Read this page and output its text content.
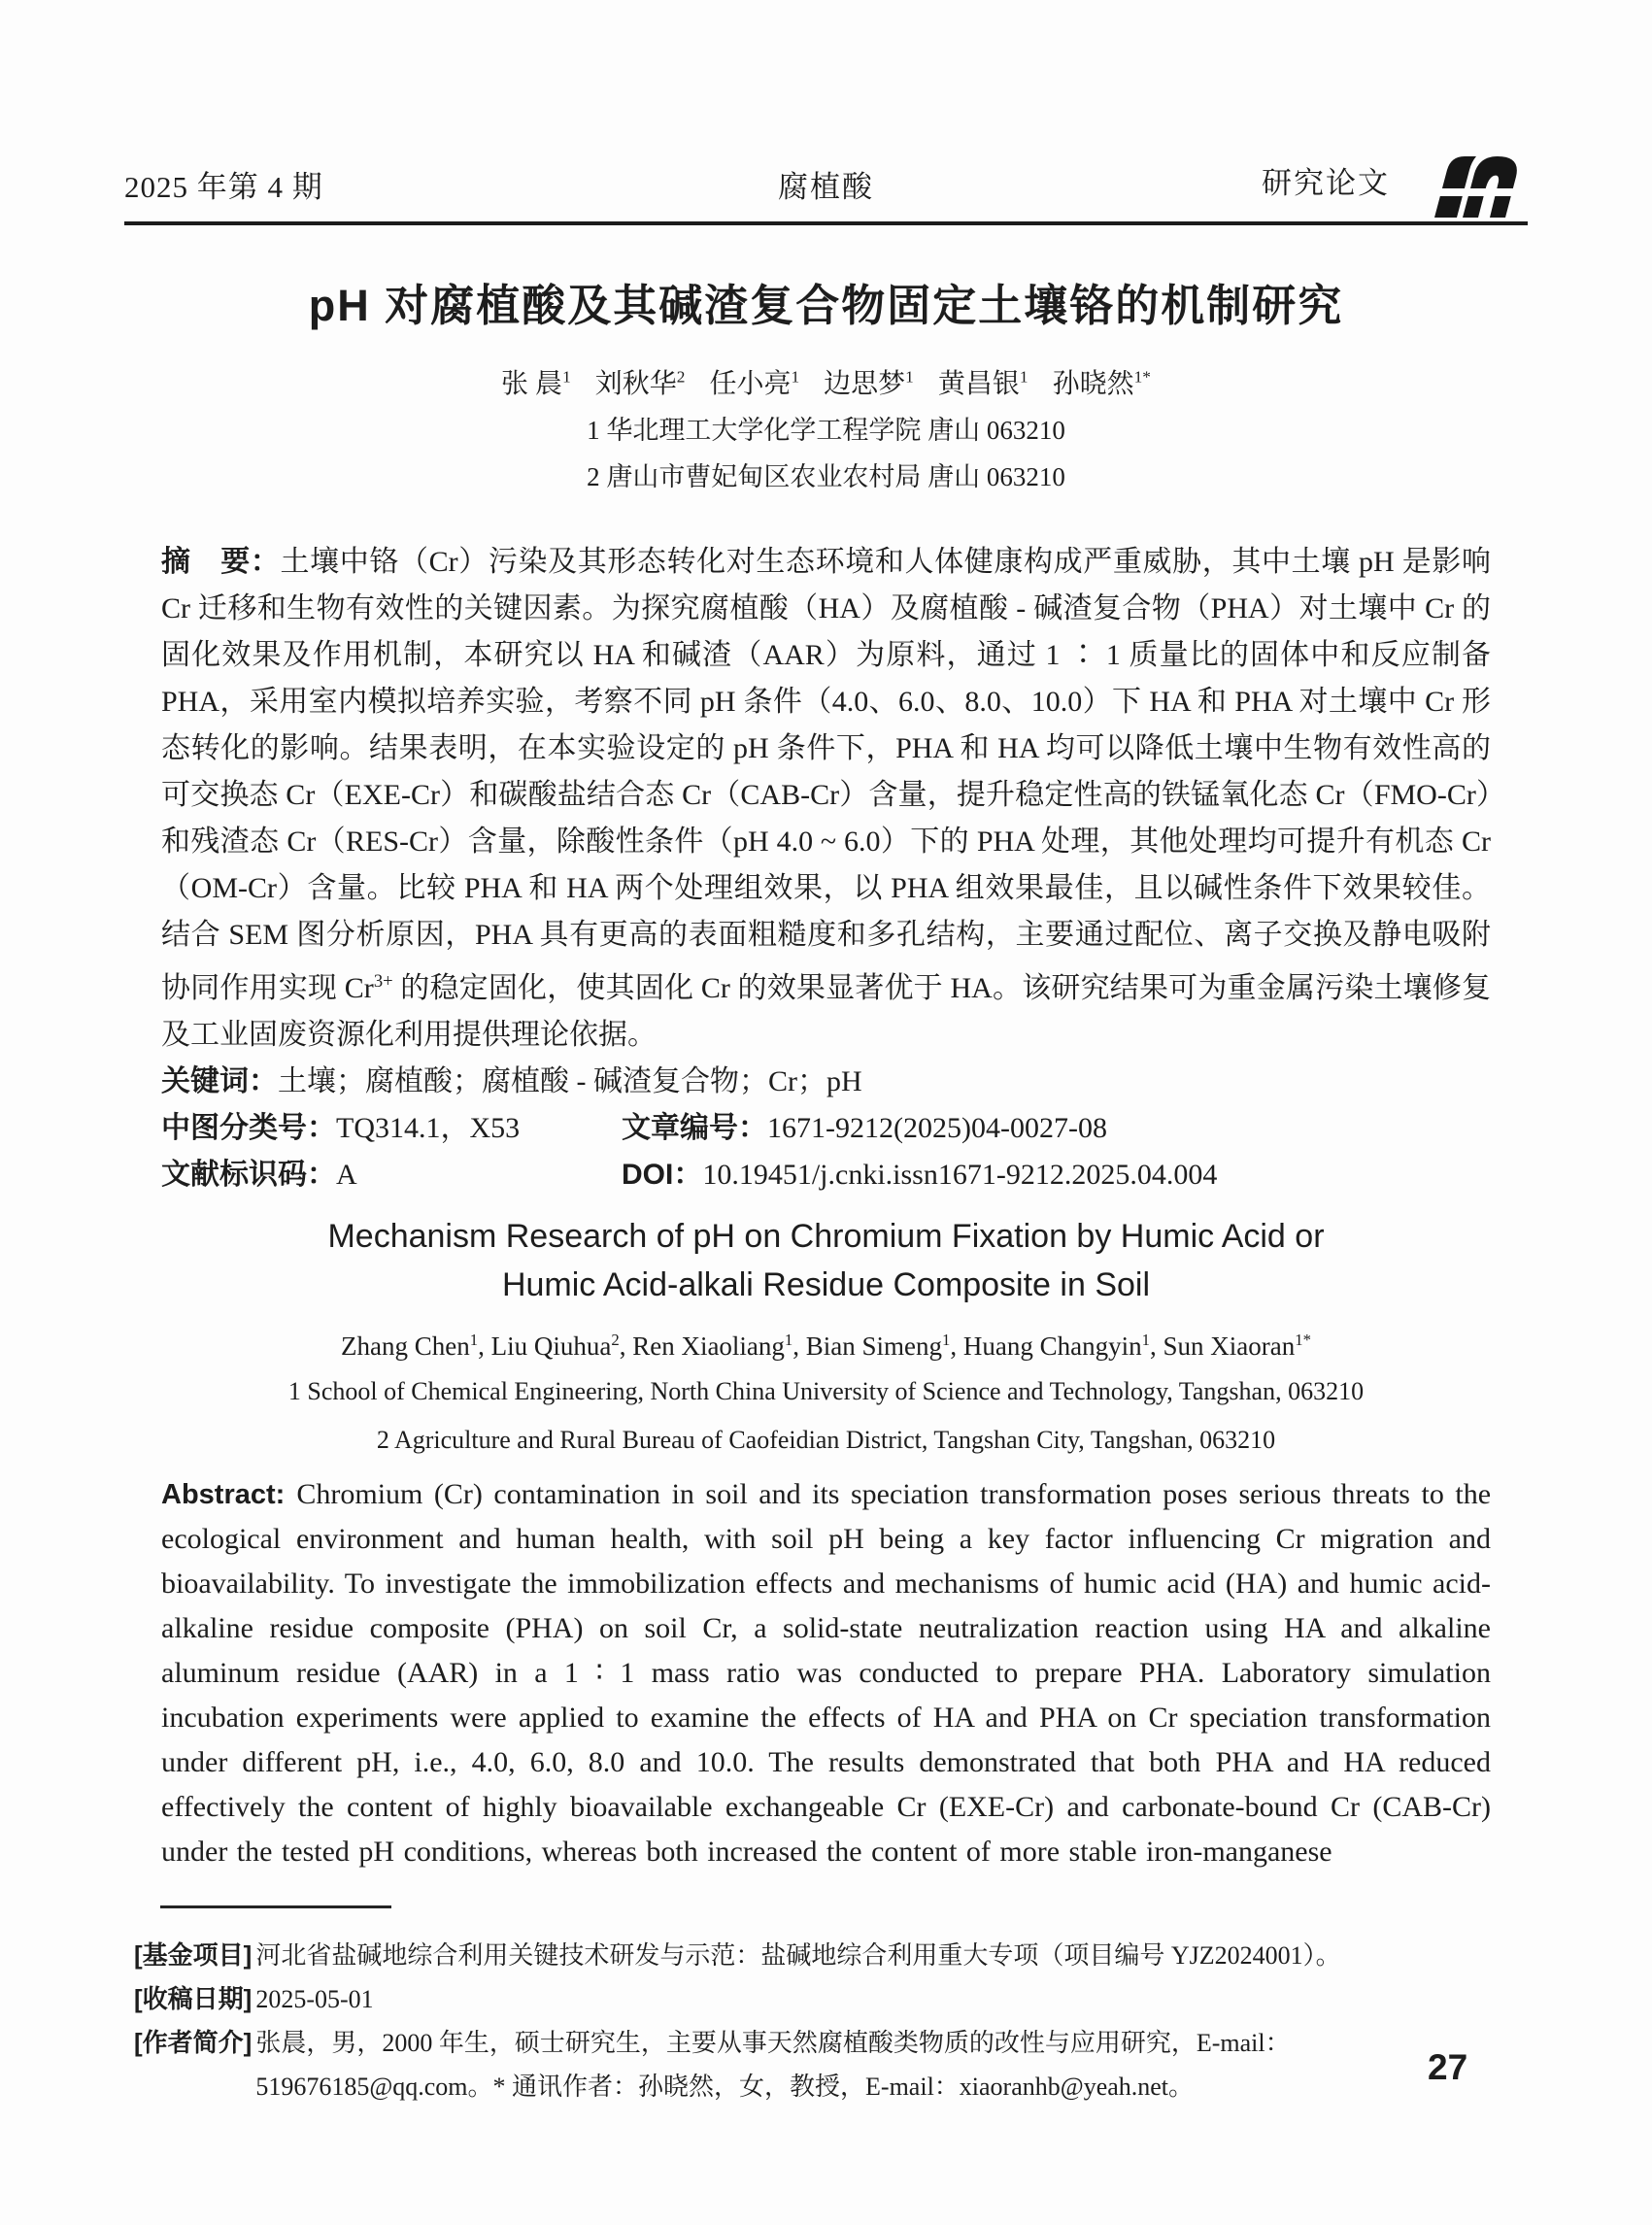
2025 年第 4 期	腐植酸	研究论文
pH 对腐植酸及其碱渣复合物固定土壤铬的机制研究
张 晨$^1$ 刘秋华$^2$ 任小亮$^1$ 边思梦$^1$ 黄昌银$^1$ 孙晓然$^{1*}$
1 华北理工大学化学工程学院 唐山 063210
2 唐山市曹妃甸区农业农村局 唐山 063210

摘　要：土壤中铬（Cr）污染及其形态转化对生态环境和人体健康构成严重威胁，其中土壤 pH 是影响 Cr 迁移和生物有效性的关键因素。为探究腐植酸（HA）及腐植酸 - 碱渣复合物（PHA）对土壤中 Cr 的固化效果及作用机制，本研究以 HA 和碱渣（AAR）为原料，通过 1 ∶ 1 质量比的固体中和反应制备 PHA，采用室内模拟培养实验，考察不同 pH 条件（4.0、6.0、8.0、10.0）下 HA 和 PHA 对土壤中 Cr 形态转化的影响。结果表明，在本实验设定的 pH 条件下，PHA 和 HA 均可以降低土壤中生物有效性高的可交换态 Cr（EXE-Cr）和碳酸盐结合态 Cr（CAB-Cr）含量，提升稳定性高的铁锰氧化态 Cr（FMO-Cr）和残渣态 Cr（RES-Cr）含量，除酸性条件（pH 4.0 ~ 6.0）下的 PHA 处理，其他处理均可提升有机态 Cr（OM-Cr）含量。比较 PHA 和 HA 两个处理组效果，以 PHA 组效果最佳，且以碱性条件下效果较佳。结合 SEM 图分析原因，PHA 具有更高的表面粗糙度和多孔结构，主要通过配位、离子交换及静电吸附协同作用实现 $Cr^{3+}$ 的稳定固化，使其固化 Cr 的效果显著优于 HA。该研究结果可为重金属污染土壤修复及工业固废资源化利用提供理论依据。

关键词：土壤；腐植酸；腐植酸 - 碱渣复合物；Cr；pH

中图分类号：TQ314.1，X53	文章编号：1671-9212(2025)04-0027-08
文献标识码：A	DOI：10.19451/j.cnki.issn1671-9212.2025.04.004
Mechanism Research of pH on Chromium Fixation by Humic Acid or
Humic Acid-alkali Residue Composite in Soil
Zhang Chen$^1$, Liu Qiuhua$^2$, Ren Xiaoliang$^1$, Bian Simeng$^1$, Huang Changyin$^1$, Sun Xiaoran$^{1*}$
1 School of Chemical Engineering, North China University of Science and Technology, Tangshan, 063210
2 Agriculture and Rural Bureau of Caofeidian District, Tangshan City, Tangshan, 063210

Abstract: Chromium (Cr) contamination in soil and its speciation transformation poses serious threats to the ecological environment and human health, with soil pH being a key factor influencing Cr migration and bioavailability. To investigate the immobilization effects and mechanisms of humic acid (HA) and humic acid-alkaline residue composite (PHA) on soil Cr, a solid-state neutralization reaction using HA and alkaline aluminum residue (AAR) in a 1 ∶ 1 mass ratio was conducted to prepare PHA. Laboratory simulation incubation experiments were applied to examine the effects of HA and PHA on Cr speciation transformation under different pH, i.e., 4.0, 6.0, 8.0 and 10.0. The results demonstrated that both PHA and HA reduced effectively the content of highly bioavailable exchangeable Cr (EXE-Cr) and carbonate-bound Cr (CAB-Cr) under the tested pH conditions, whereas both increased the content of more stable iron-manganese

[基金项目] 河北省盐碱地综合利用关键技术研发与示范：盐碱地综合利用重大专项（项目编号 YJZ2024001）。
[收稿日期] 2025-05-01
[作者简介] 张晨，男，2000 年生，硕士研究生，主要从事天然腐植酸类物质的改性与应用研究，E-mail：519676185@qq.com。* 通讯作者：孙晓然，女，教授，E-mail：xiaoranhb@yeah.net。	27
